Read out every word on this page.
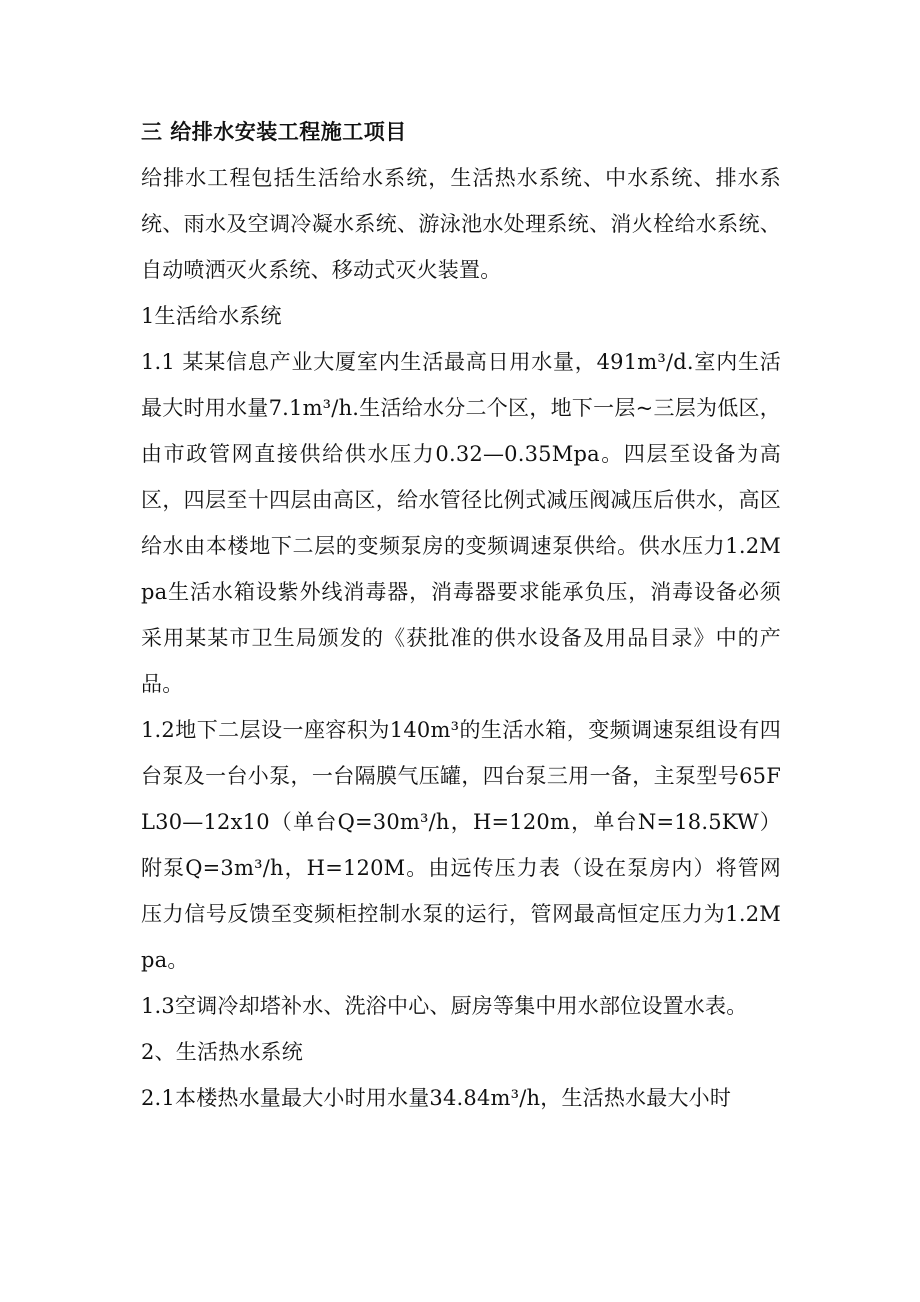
三 给排水安装工程施工项目

给排水工程包括生活给水系统，生活热水系统、中水系统、排水系统、雨水及空调冷凝水系统、游泳池水处理系统、消火栓给水系统、自动喷洒灭火系统、移动式灭火装置。

1生活给水系统

1.1 某某信息产业大厦室内生活最高日用水量，491m³/d.室内生活最大时用水量7.1m³/h.生活给水分二个区，地下一层~三层为低区，由市政管网直接供给供水压力0.32—0.35Mpa。四层至设备为高区，四层至十四层由高区，给水管径比例式减压阀减压后供水，高区给水由本楼地下二层的变频泵房的变频调速泵供给。供水压力1.2Mpa生活水箱设紫外线消毒器，消毒器要求能承负压，消毒设备必须采用某某市卫生局颁发的《获批准的供水设备及用品目录》中的产品。

1.2地下二层设一座容积为140m³的生活水箱，变频调速泵组设有四台泵及一台小泵，一台隔膜气压罐，四台泵三用一备，主泵型号65FL30—12x10（单台Q=30m³/h，H=120m，单台N=18.5KW）附泵Q=3m³/h，H=120M。由远传压力表（设在泵房内）将管网压力信号反馈至变频柜控制水泵的运行，管网最高恒定压力为1.2Mpa。

1.3空调冷却塔补水、洗浴中心、厨房等集中用水部位设置水表。

2、生活热水系统

2.1本楼热水量最大小时用水量34.84m³/h，生活热水最大小时
